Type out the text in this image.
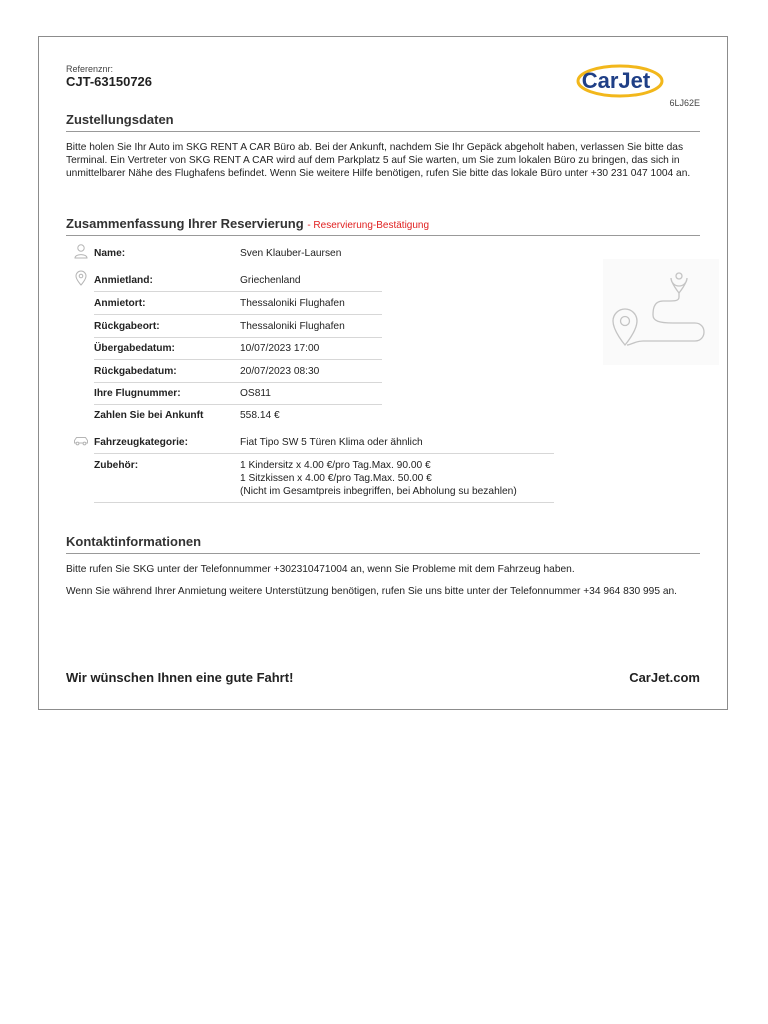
Referenznr:
CJT-63150726	CarJet
6LJ62E
Zustellungsdaten
Bitte holen Sie Ihr Auto im SKG RENT A CAR Büro ab. Bei der Ankunft, nachdem Sie Ihr Gepäck abgeholt haben, verlassen Sie bitte das Terminal. Ein Vertreter von SKG RENT A CAR wird auf dem Parkplatz 5 auf Sie warten, um Sie zum lokalen Büro zu bringen, das sich in unmittelbarer Nähe des Flughafens befindet. Wenn Sie weitere Hilfe benötigen, rufen Sie bitte das lokale Büro unter +30 231 047 1004 an.
Zusammenfassung Ihrer Reservierung - Reservierung-Bestätigung
Name:	Sven Klauber-Laursen
Anmietland:	Griechenland
Anmietort:	Thessaloniki Flughafen
Rückgabeort:	Thessaloniki Flughafen
Übergabedatum:	10/07/2023 17:00
Rückgabedatum:	20/07/2023 08:30
Ihre Flugnummer:	OS811
Zahlen Sie bei Ankunft	558.14 €
Fahrzeugkategorie:	Fiat Tipo SW 5 Türen Klima oder ähnlich
Zubehör:	1 Kindersitz x 4.00 €/pro Tag.Max. 90.00 €
1 Sitzkissen x 4.00 €/pro Tag.Max. 50.00 €
(Nicht im Gesamtpreis inbegriffen, bei Abholung su bezahlen)
Kontaktinformationen
Bitte rufen Sie SKG unter der Telefonnummer +302310471004 an, wenn Sie Probleme mit dem Fahrzeug haben.
Wenn Sie während Ihrer Anmietung weitere Unterstützung benötigen, rufen Sie uns bitte unter der Telefonnummer +34 964 830 995 an.
Wir wünschen Ihnen eine gute Fahrt!	CarJet.com
